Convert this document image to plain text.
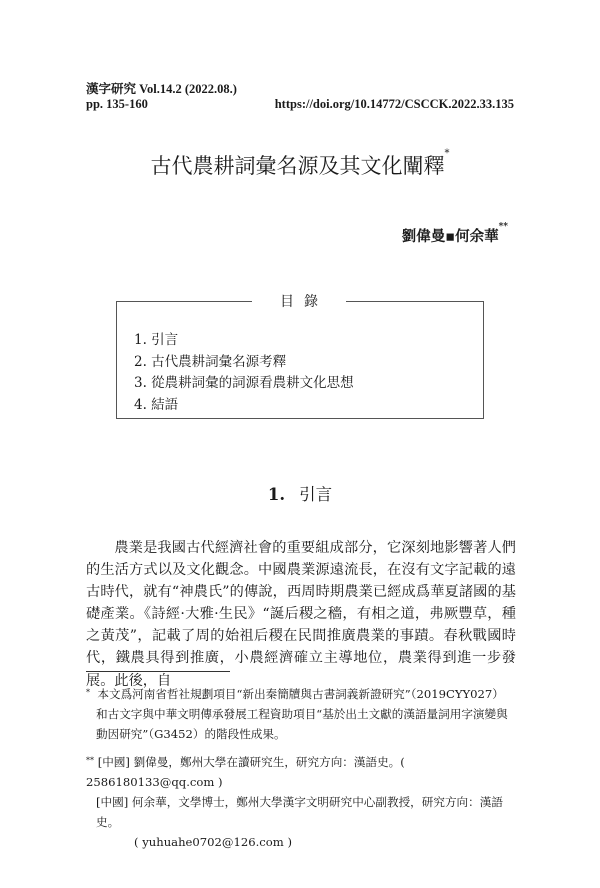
漢字研究 Vol.14.2 (2022.08.)
pp. 135-160	https://doi.org/10.14772/CSCCK.2022.33.135
古代農耕詞彙名源及其文化闡釋*
劉偉曼▪何余華**
目錄
1. 引言
2. 古代農耕詞彙名源考釋
3. 從農耕詞彙的詞源看農耕文化思想
4. 結語
1. 引言

農業是我國古代經濟社會的重要組成部分，它深刻地影響著人們的生活方式以及文化觀念。中國農業源遠流長，在沒有文字記載的遠古時代，就有“神農氏”的傳說，西周時期農業已經成爲華夏諸國的基礎產業。《詩經·大雅·生民》“誕后稷之穡，有相之道，弗厥豐草，種之黃茂”，記載了周的始祖后稷在民間推廣農業的事蹟。春秋戰國時代，鐵農具得到推廣，小農經濟確立主導地位，農業得到進一步發展。此後，自

* 本文爲河南省哲社規劃項目“新出秦簡牘與古書詞義新證研究”（2019CYY027）
和古文字與中華文明傳承發展工程資助項目“基於出土文獻的漢語量詞用字演變與
動因研究”（G3452）的階段性成果。
** [中國] 劉偉曼，鄭州大學在讀研究生，研究方向：漢語史。( 2586180133@qq.com )
[中國] 何余華，文學博士，鄭州大學漢字文明研究中心副教授，研究方向：漢語史。
( yuhuahe0702@126.com )
